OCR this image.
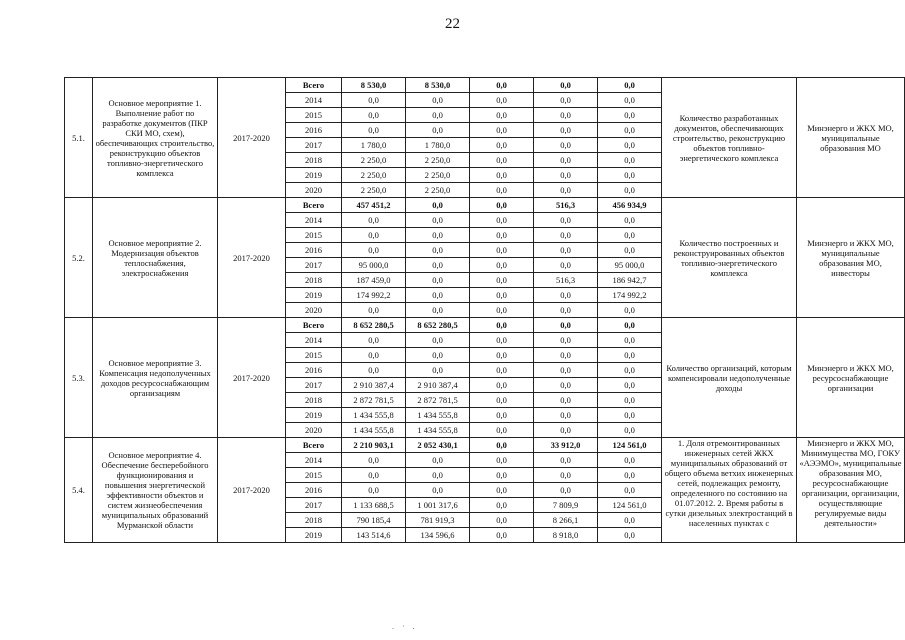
22
5.1.	Основное мероприятие 1. Выполнение работ по разработке документов (ПКР СКИ МО, схем), обеспечивающих строительство, реконструкцию объектов топливно-энергетического комплекса	2017-2020	Всего	8 530,0	8 530,0	0,0	0,0	0,0	Количество разработанных документов, обеспечивающих строительство, реконструкцию объектов топливно-энергетического комплекса	Минэнерго и ЖКХ МО, муниципальные образования МО
			2014	0,0	0,0	0,0	0,0	0,0		
			2015	0,0	0,0	0,0	0,0	0,0		
			2016	0,0	0,0	0,0	0,0	0,0		
			2017	1 780,0	1 780,0	0,0	0,0	0,0		
			2018	2 250,0	2 250,0	0,0	0,0	0,0		
			2019	2 250,0	2 250,0	0,0	0,0	0,0		
			2020	2 250,0	2 250,0	0,0	0,0	0,0		
5.2.	Основное мероприятие 2. Модернизация объектов теплоснабжения, электроснабжения	2017-2020	Всего	457 451,2	0,0	0,0	516,3	456 934,9	Количество построенных и реконструированных объектов топливно-энергетического комплекса	Минэнерго и ЖКХ МО, муниципальные образования МО, инвесторы
			2014	0,0	0,0	0,0	0,0	0,0		
			2015	0,0	0,0	0,0	0,0	0,0		
			2016	0,0	0,0	0,0	0,0	0,0		
			2017	95 000,0	0,0	0,0	0,0	95 000,0		
			2018	187 459,0	0,0	0,0	516,3	186 942,7		
			2019	174 992,2	0,0	0,0	0,0	174 992,2		
			2020	0,0	0,0	0,0	0,0	0,0		
5.3.	Основное мероприятие 3. Компенсация недополученных доходов ресурсоснабжающим организациям	2017-2020	Всего	8 652 280,5	8 652 280,5	0,0	0,0	0,0	Количество организаций, которым компенсировали недополученные доходы	Минэнерго и ЖКХ МО, ресурсоснабжающие организации
			2014	0,0	0,0	0,0	0,0	0,0		
			2015	0,0	0,0	0,0	0,0	0,0		
			2016	0,0	0,0	0,0	0,0	0,0		
			2017	2 910 387,4	2 910 387,4	0,0	0,0	0,0		
			2018	2 872 781,5	2 872 781,5	0,0	0,0	0,0		
			2019	1 434 555,8	1 434 555,8	0,0	0,0	0,0		
			2020	1 434 555,8	1 434 555,8	0,0	0,0	0,0		
5.4.	Основное мероприятие 4. Обеспечение бесперебойного функционирования и повышения энергетической эффективности объектов и систем жизнеобеспечения муниципальных образований Мурманской области	2017-2020	Всего	2 210 903,1	2 052 430,1	0,0	33 912,0	124 561,0	1. Доля отремонтированных инженерных сетей ЖКХ муниципальных образований от общего объема ветхих инженерных сетей, подлежащих ремонту, определенного по состоянию на 01.07.2012. 2. Время работы в сутки дизельных электростанций в населенных пунктах с	Минэнерго и ЖКХ МО, Минимущества МО, ГОКУ «АЭЭМО», муниципальные образования МО, ресурсоснабжающие организации, организации, осуществляющие регулируемые виды деятельности»
			2014	0,0	0,0	0,0	0,0	0,0		
			2015	0,0	0,0	0,0	0,0	0,0		
			2016	0,0	0,0	0,0	0,0	0,0		
			2017	1 133 688,5	1 001 317,6	0,0	7 809,9	124 561,0		
			2018	790 185,4	781 919,3	0,0	8 266,1	0,0		
			2019	143 514,6	134 596,6	0,0	8 918,0	0,0		
. · .
